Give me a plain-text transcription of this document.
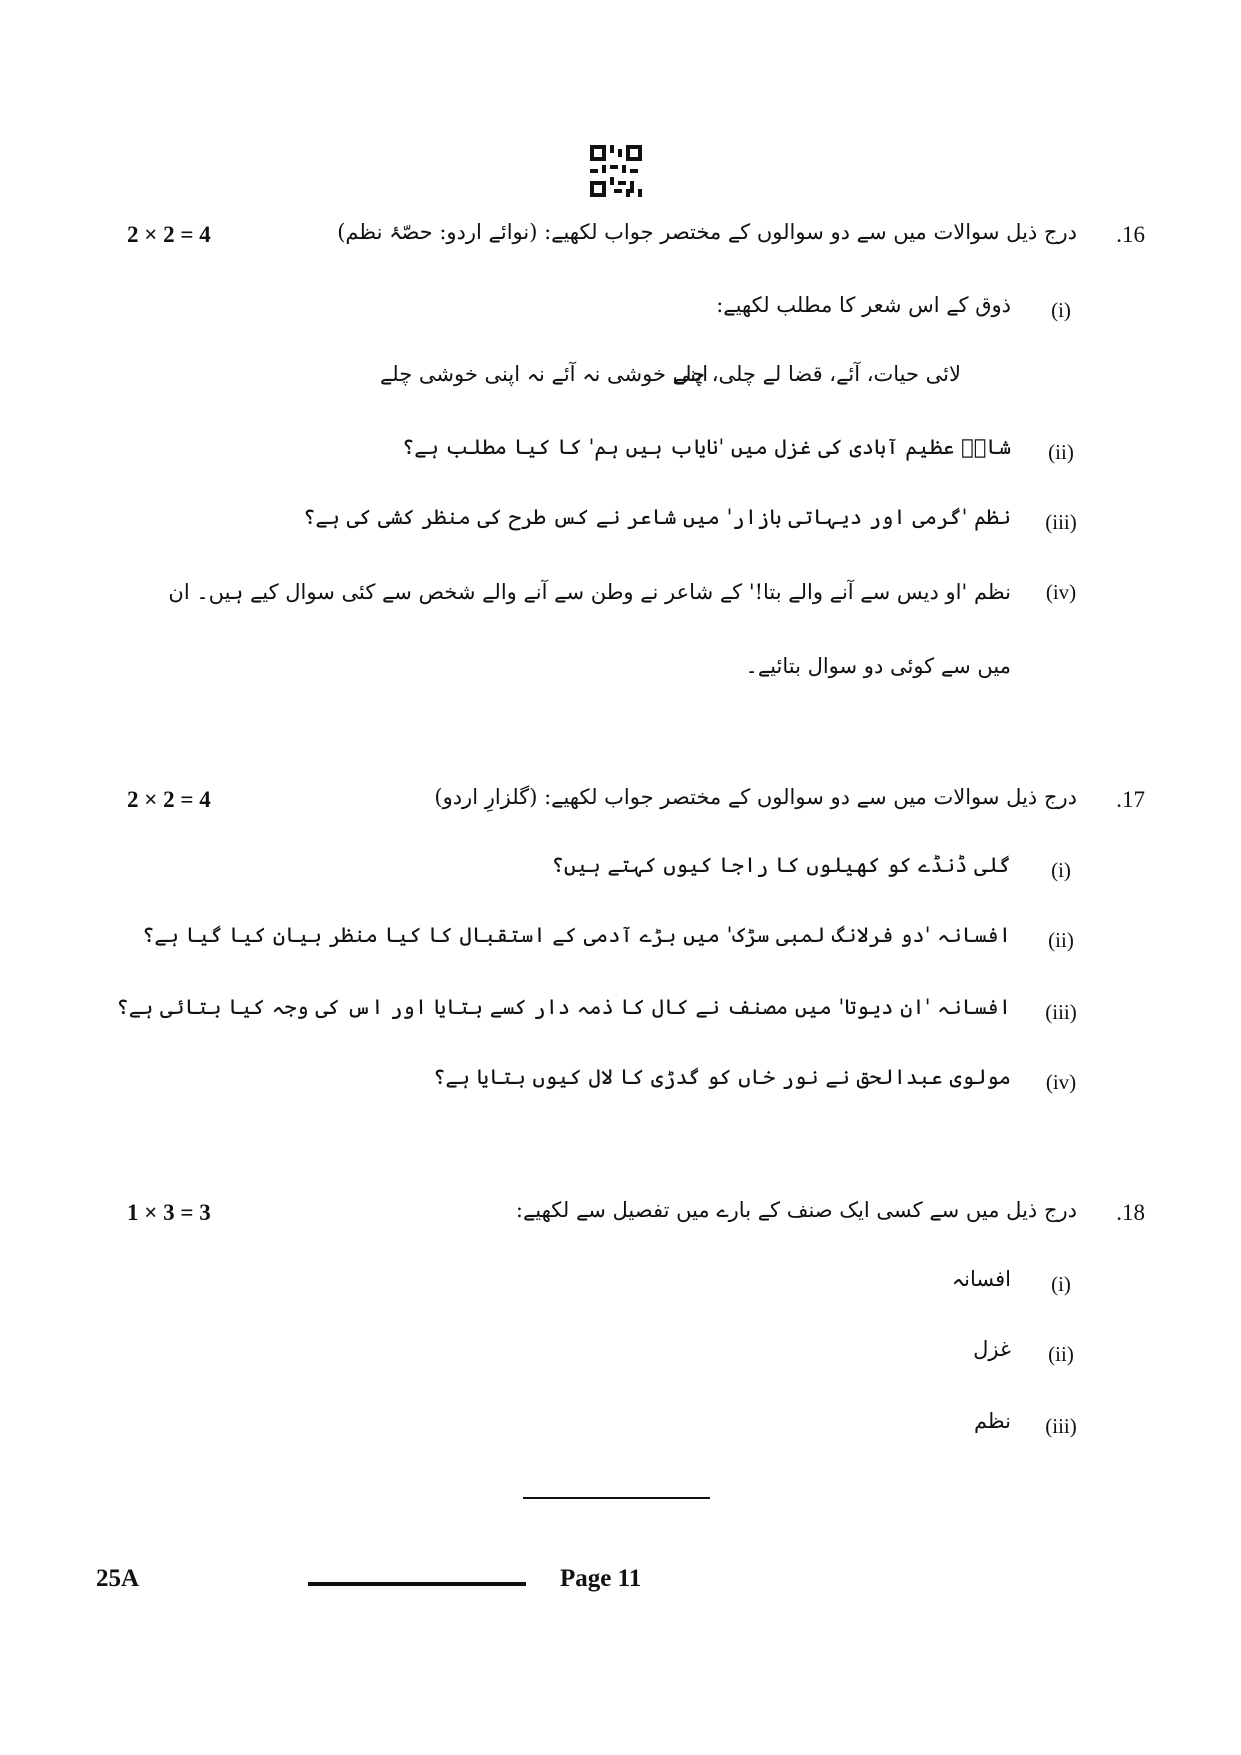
.16
درج ذیل سوالات میں سے دو سوالوں کے مختصر جواب لکھیے: (نوائے اردو: حصّۂ نظم)
2 × 2 = 4
(i)
ذوق کے اس شعر کا مطلب لکھیے:
لائی حیات، آئے، قضا لے چلی، چلے
اپنی خوشی نہ آئے نہ اپنی خوشی چلے
(ii)
شادؔ عظیم آبادی کی غزل میں 'نایاب ہیں ہم' کا کیا مطلب ہے؟
(iii)
نظم 'گرمی اور دیہاتی بازار' میں شاعر نے کس طرح کی منظر کشی کی ہے؟
(iv)
نظم 'او دیس سے آنے والے بتا!' کے شاعر نے وطن سے آنے والے شخص سے کئی سوال کیے ہیں۔ ان میں سے کوئی دو سوال بتائیے۔
.17
درج ذیل سوالات میں سے دو سوالوں کے مختصر جواب لکھیے: (گلزارِ اردو)
2 × 2 = 4
(i)
گلی ڈنڈے کو کھیلوں کا راجا کیوں کہتے ہیں؟
(ii)
افسانہ 'دو فرلانگ لمبی سڑک' میں بڑے آدمی کے استقبال کا کیا منظر بیان کیا گیا ہے؟
(iii)
افسانہ 'ان دیوتا' میں مصنف نے کال کا ذمہ دار کسے بتایا اور اس کی وجہ کیا بتائی ہے؟
(iv)
مولوی عبدالحق نے نور خاں کو گدڑی کا لال کیوں بتایا ہے؟
.18
درج ذیل میں سے کسی ایک صنف کے بارے میں تفصیل سے لکھیے:
1 × 3 = 3
(i)
افسانہ
(ii)
غزل
(iii)
نظم
25A	Page 11
